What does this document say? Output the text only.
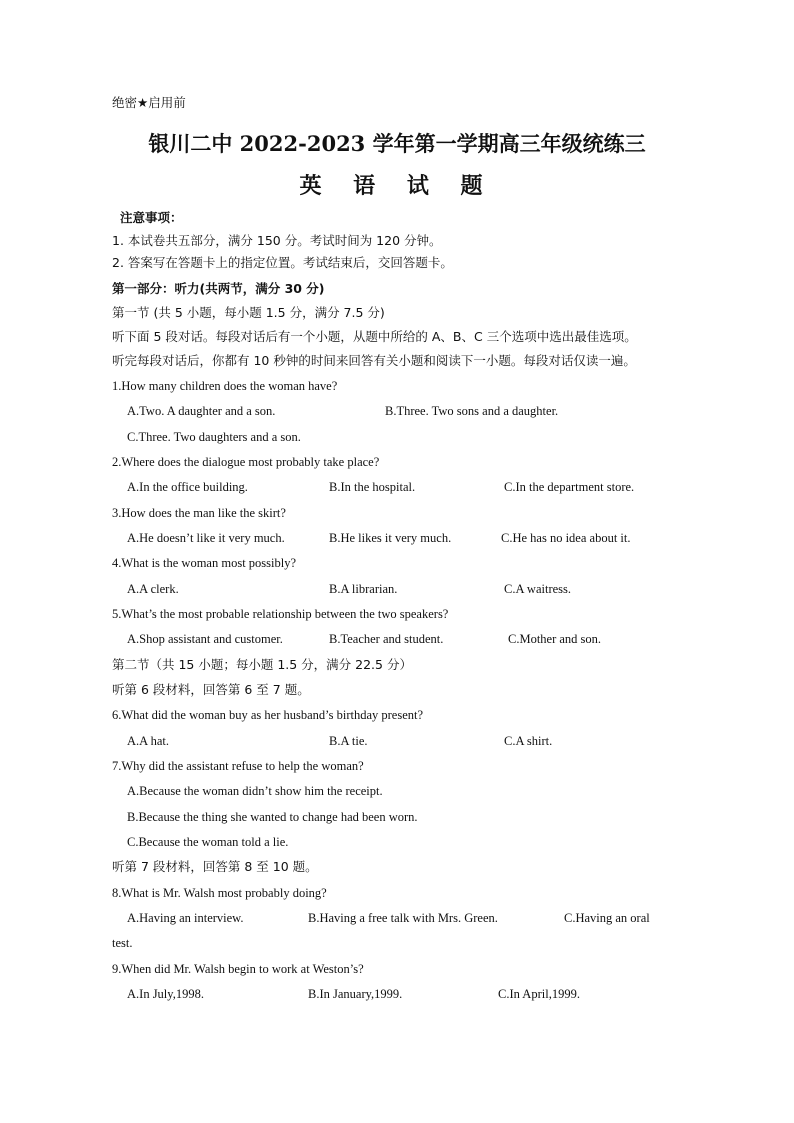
绝密★启用前
银川二中 2022-2023 学年第一学期高三年级统练三
英 语 试 题
注意事项：
1. 本试卷共五部分，满分 150 分。考试时间为 120 分钟。
2. 答案写在答题卡上的指定位置。考试结束后，交回答题卡。
第一部分：听力(共两节，满分 30 分)
第一节 (共 5 小题，每小题 1.5 分，满分 7.5 分)
听下面 5 段对话。每段对话后有一个小题，从题中所给的 A、B、C 三个选项中选出最佳选项。
听完每段对话后，你都有 10 秒钟的时间来回答有关小题和阅读下一小题。每段对话仅读一遍。
1.How many children does the woman have?
A.Two. A daughter and a son.	B.Three. Two sons and a daughter.
C.Three. Two daughters and a son.
2.Where does the dialogue most probably take place?
A.In the office building.	B.In the hospital.	C.In the department store.
3.How does the man like the skirt?
A.He doesn’t like it very much.	B.He likes it very much.	C.He has no idea about it.
4.What is the woman most possibly?
A.A clerk.	B.A librarian.	C.A waitress.
5.What’s the most probable relationship between the two speakers?
A.Shop assistant and customer.	B.Teacher and student.	C.Mother and son.
第二节（共 15 小题；每小题 1.5 分，满分 22.5 分）
听第 6 段材料，回答第 6 至 7 题。
6.What did the woman buy as her husband’s birthday present?
A.A hat.	B.A tie.	C.A shirt.
7.Why did the assistant refuse to help the woman?
A.Because the woman didn’t show him the receipt.
B.Because the thing she wanted to change had been worn.
C.Because the woman told a lie.
听第 7 段材料，回答第 8 至 10 题。
8.What is Mr. Walsh most probably doing?
A.Having an interview.	B.Having a free talk with Mrs. Green.	C.Having an oral
test.
9.When did Mr. Walsh begin to work at Weston’s?
A.In July,1998.	B.In January,1999.	C.In April,1999.
